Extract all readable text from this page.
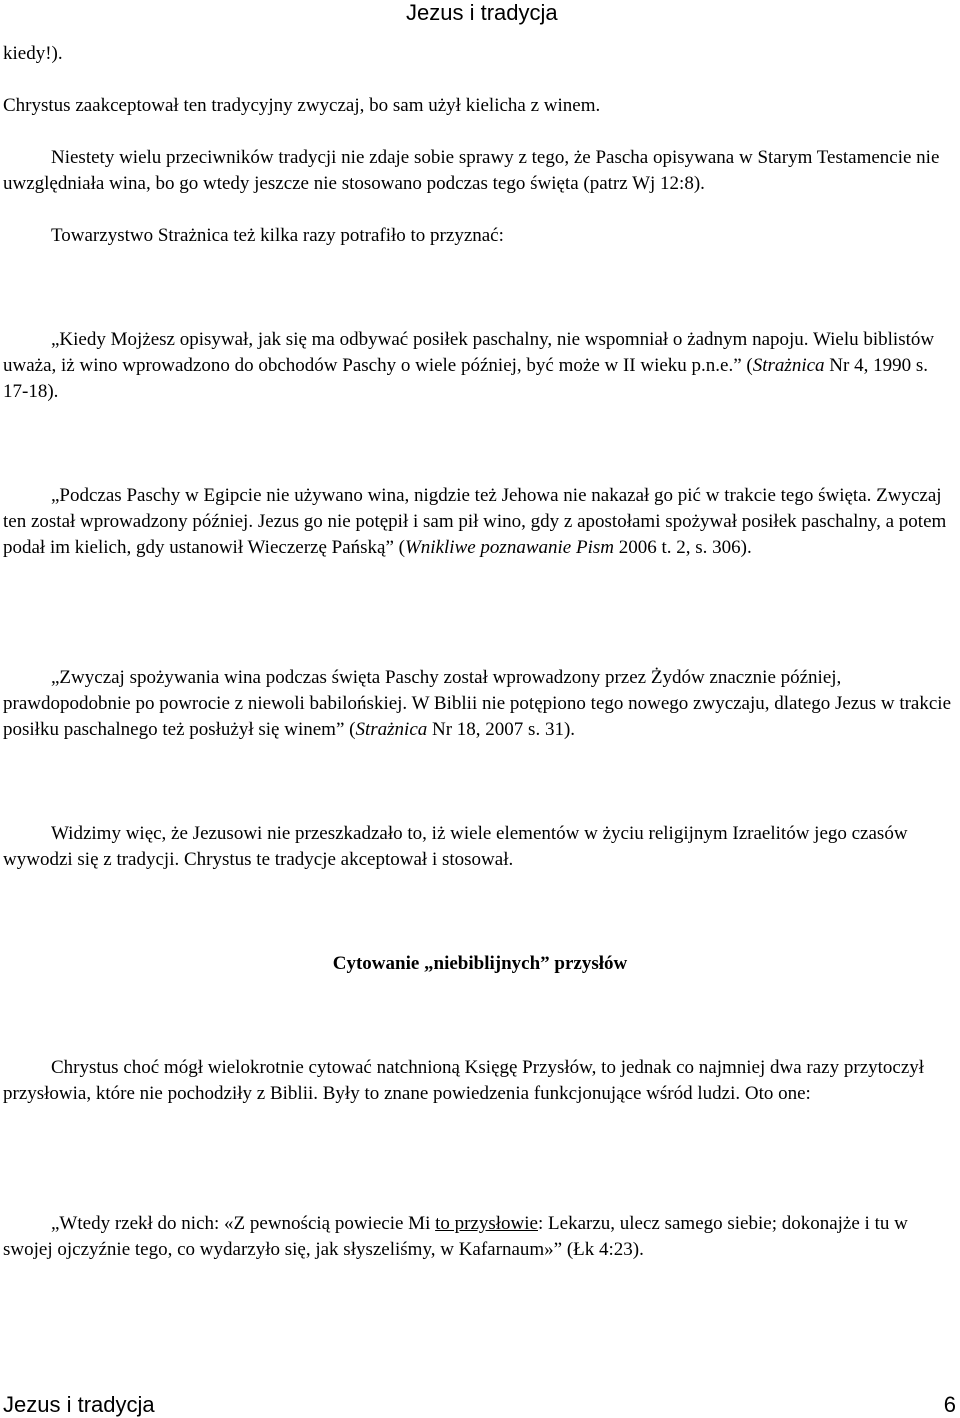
Jezus i tradycja

kiedy!).

Chrystus zaakceptował ten tradycyjny zwyczaj, bo sam użył kielicha z winem.

Niestety wielu przeciwników tradycji nie zdaje sobie sprawy z tego, że Pascha opisywana w Starym Testamencie nie uwzględniała wina, bo go wtedy jeszcze nie stosowano podczas tego święta (patrz Wj 12:8).

Towarzystwo Strażnica też kilka razy potrafiło to przyznać:

„Kiedy Mojżesz opisywał, jak się ma odbywać posiłek paschalny, nie wspomniał o żadnym napoju. Wielu biblistów uważa, iż wino wprowadzono do obchodów Paschy o wiele później, być może w II wieku p.n.e.” (Strażnica Nr 4, 1990 s. 17-18).

„Podczas Paschy w Egipcie nie używano wina, nigdzie też Jehowa nie nakazał go pić w trakcie tego święta. Zwyczaj ten został wprowadzony później. Jezus go nie potępił i sam pił wino, gdy z apostołami spożywał posiłek paschalny, a potem podał im kielich, gdy ustanowił Wieczerzę Pańską” (Wnikliwe poznawanie Pism 2006 t. 2, s. 306).

„Zwyczaj spożywania wina podczas święta Paschy został wprowadzony przez Żydów znacznie później, prawdopodobnie po powrocie z niewoli babilońskiej. W Biblii nie potępiono tego nowego zwyczaju, dlatego Jezus w trakcie posiłku paschalnego też posłużył się winem” (Strażnica Nr 18, 2007 s. 31).

Widzimy więc, że Jezusowi nie przeszkadzało to, iż wiele elementów w życiu religijnym Izraelitów jego czasów wywodzi się z tradycji. Chrystus te tradycje akceptował i stosował.

Cytowanie „niebiblijnych” przysłów

Chrystus choć mógł wielokrotnie cytować natchnioną Księgę Przysłów, to jednak co najmniej dwa razy przytoczył przysłowia, które nie pochodziły z Biblii. Były to znane powiedzenia funkcjonujące wśród ludzi. Oto one:

„Wtedy rzekł do nich: «Z pewnością powiecie Mi to przysłowie: Lekarzu, ulecz samego siebie; dokonajże i tu w swojej ojczyźnie tego, co wydarzyło się, jak słyszeliśmy, w Kafarnaum»” (Łk 4:23).

Jezus i tradycja	6
